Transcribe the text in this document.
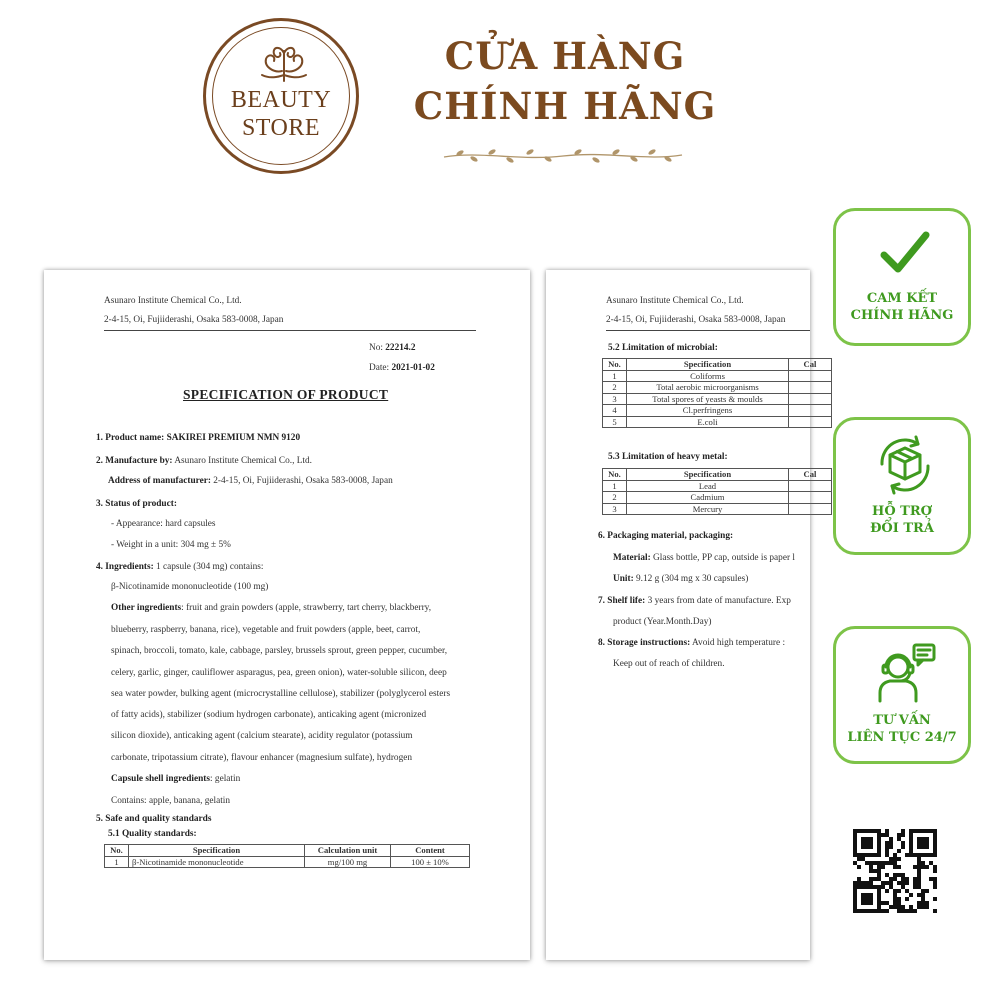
BEAUTY
STORE
CỬA HÀNG
CHÍNH HÃNG
Asunaro Institute Chemical Co., Ltd.
2-4-15, Oi, Fujiiderashi, Osaka 583-0008, Japan
No: 22214.2
Date: 2021-01-02
SPECIFICATION OF PRODUCT
1. Product name: SAKIREI PREMIUM NMN 9120
2. Manufacture by: Asunaro Institute Chemical Co., Ltd.
Address of manufacturer: 2-4-15, Oi, Fujiiderashi, Osaka 583-0008, Japan
3. Status of product:
- Appearance: hard capsules
- Weight in a unit: 304 mg ± 5%
4. Ingredients: 1 capsule (304 mg) contains:
β-Nicotinamide mononucleotide (100 mg)
Other ingredients: fruit and grain powders (apple, strawberry, tart cherry, blackberry,
blueberry, raspberry, banana, rice), vegetable and fruit powders (apple, beet, carrot,
spinach, broccoli, tomato, kale, cabbage, parsley, brussels sprout, green pepper, cucumber,
celery, garlic, ginger, cauliflower asparagus, pea, green onion), water-soluble silicon, deep
sea water powder, bulking agent (microcrystalline cellulose), stabilizer (polyglycerol esters
of fatty acids), stabilizer (sodium hydrogen carbonate), anticaking agent (micronized
silicon dioxide), anticaking agent (calcium stearate), acidity regulator (potassium
carbonate, tripotassium citrate), flavour enhancer (magnesium sulfate), hydrogen
Capsule shell ingredients: gelatin
Contains: apple, banana, gelatin
5. Safe and quality standards
5.1 Quality standards:
No.	Specification	Calculation unit	Content
1	β-Nicotinamide mononucleotide	mg/100 mg	100 ± 10%
Asunaro Institute Chemical Co., Ltd.
2-4-15, Oi, Fujiiderashi, Osaka 583-0008, Japan
5.2 Limitation of microbial:
No.	Specification	Cal
1	Coliforms	
2	Total aerobic microorganisms	
3	Total spores of yeasts & moulds	
4	Cl.perfringens	
5	E.coli	
5.3 Limitation of heavy metal:
No.	Specification	Cal
1	Lead	
2	Cadmium	
3	Mercury	
6. Packaging material, packaging:
Material: Glass bottle, PP cap, outside is paper l
Unit: 9.12 g (304 mg x 30 capsules)
7. Shelf life: 3 years from date of manufacture. Exp
product (Year.Month.Day)
8. Storage instructions: Avoid high temperature :
Keep out of reach of children.
CAM KẾT
CHÍNH HÃNG
HỖ TRỢ
ĐỔI TRẢ
TƯ VẤN
LIÊN TỤC 24/7
